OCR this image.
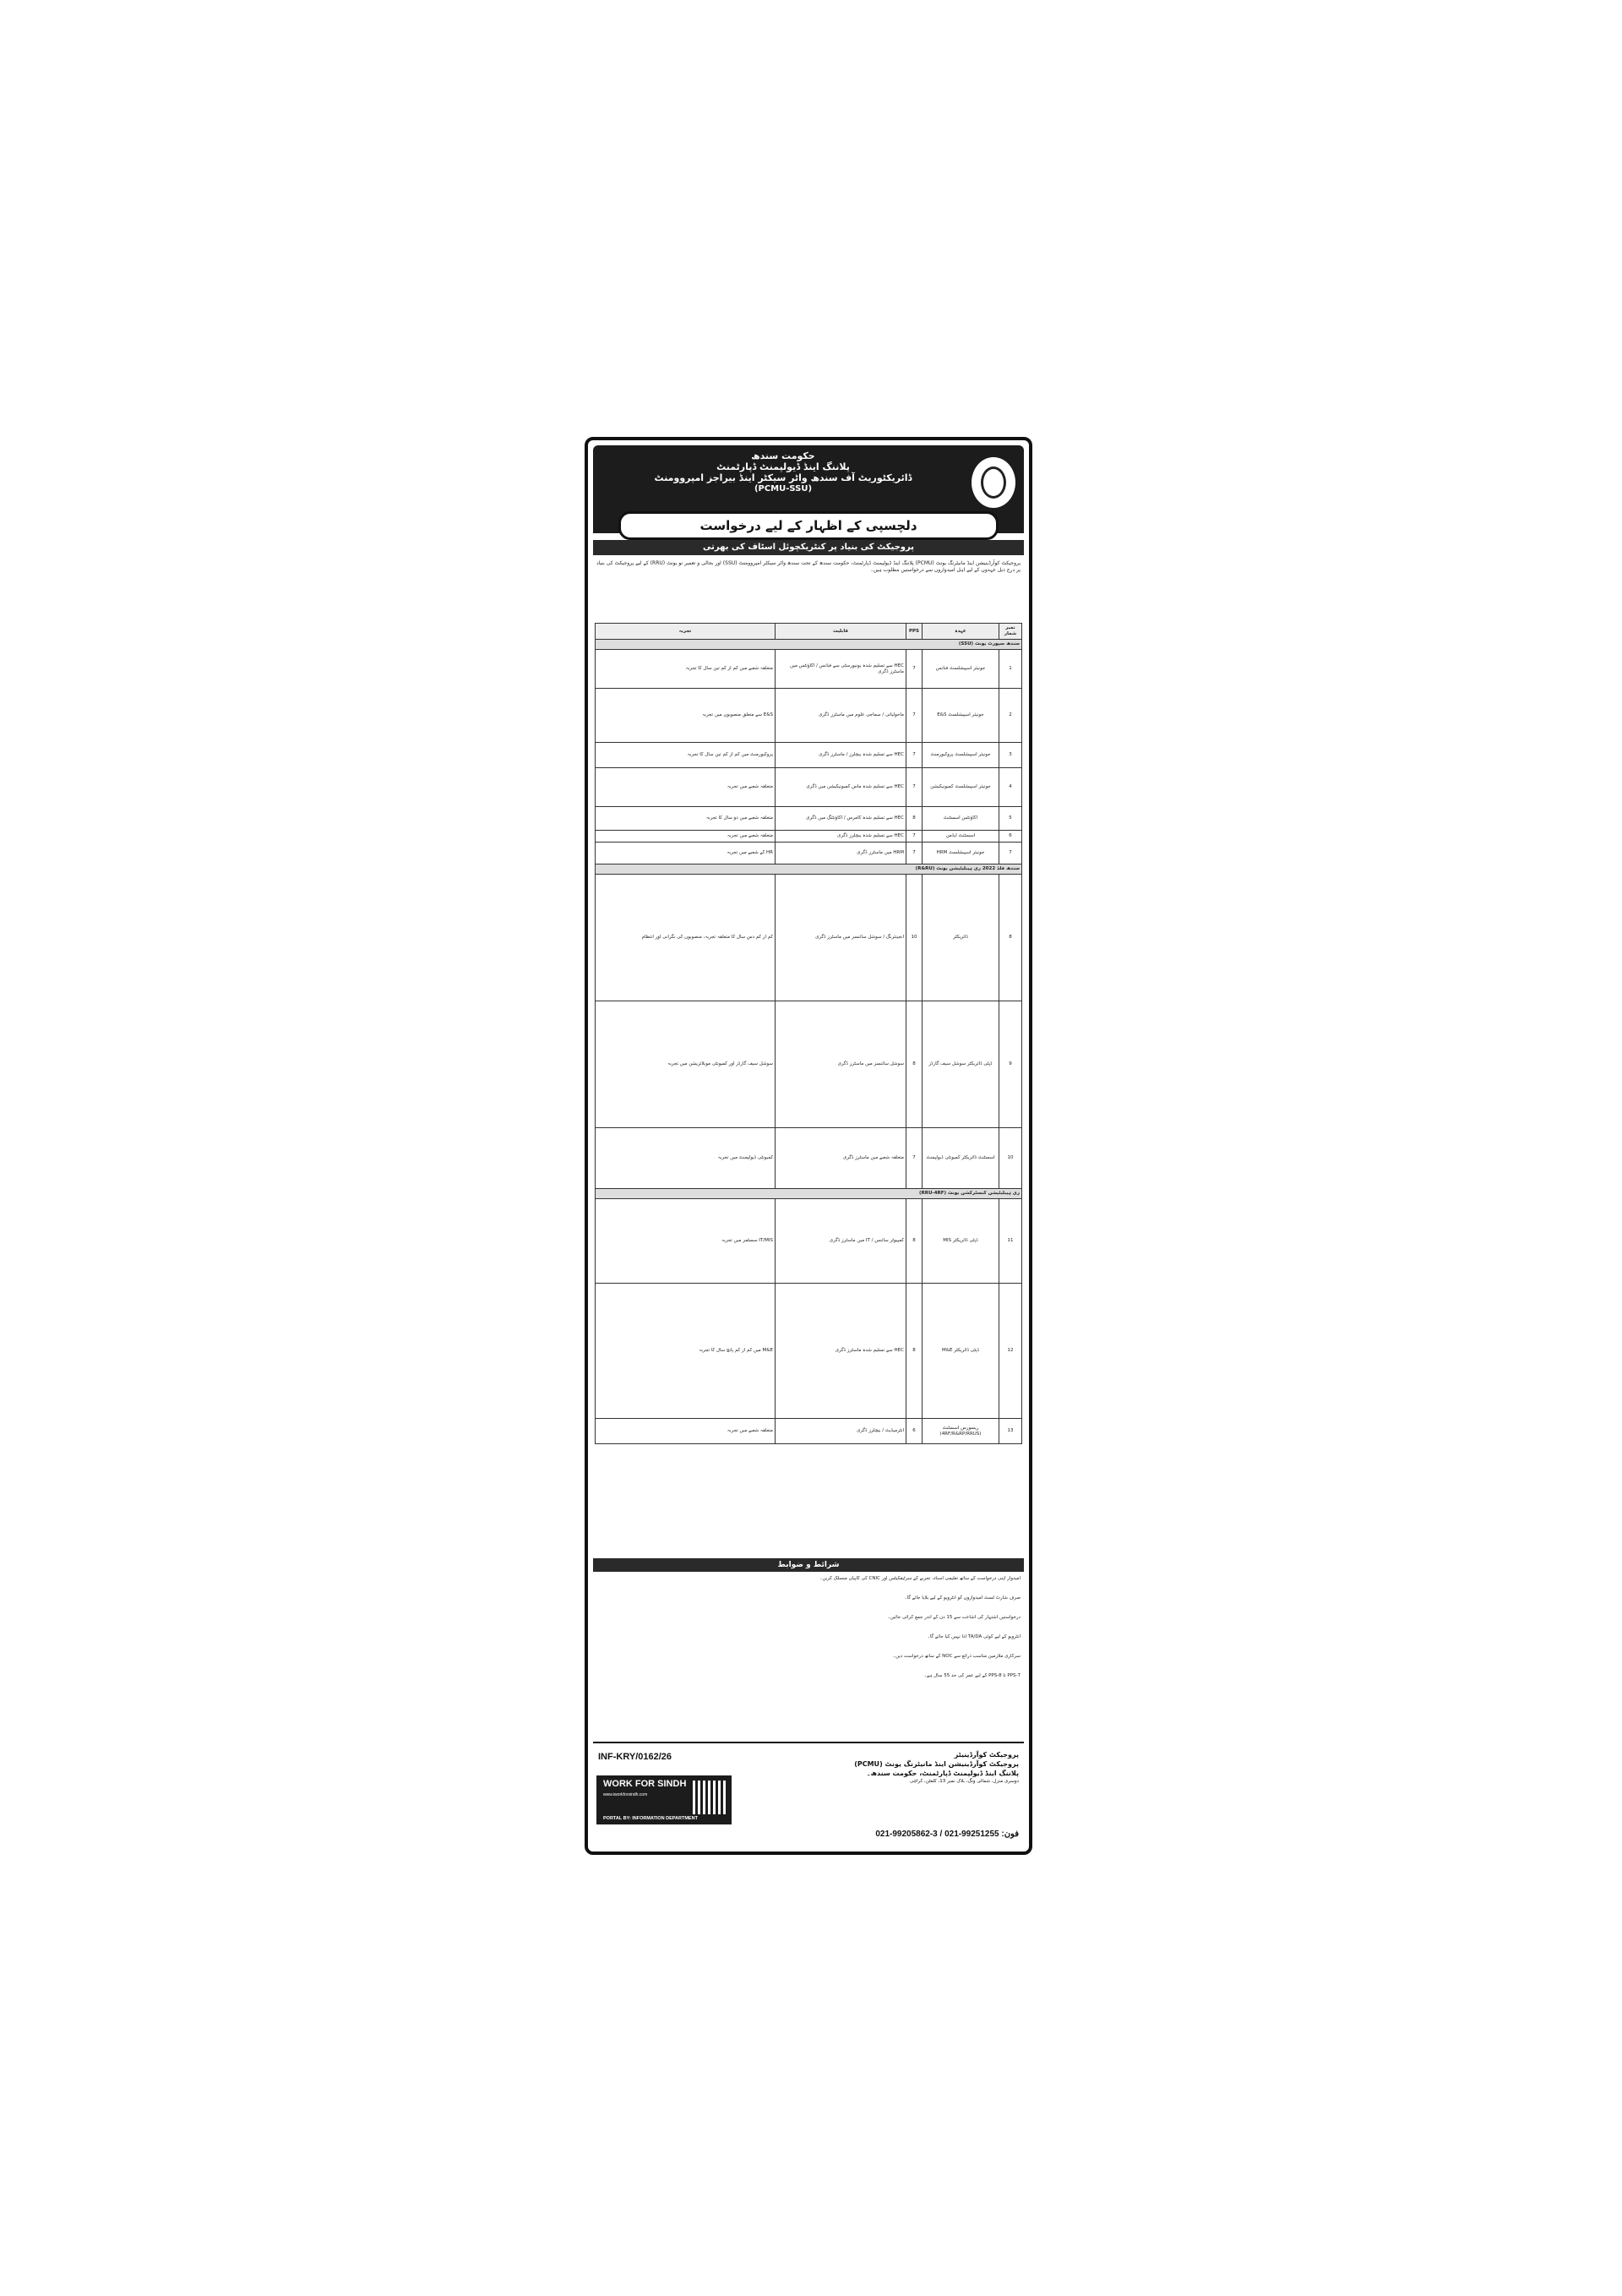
حکومت سندھ
پلاننگ اینڈ ڈیولپمنٹ ڈپارٹمنٹ
ڈائریکٹوریٹ آف سندھ واٹر سیکٹر اینڈ بیراجز امپروومنٹ
(PCMU-SSU)
دلچسپی کے اظہار کے لیے درخواست
پروجیکٹ کی بنیاد پر کنٹریکچوئل اسٹاف کی بھرتی
پروجیکٹ کوآرڈینیشن اینڈ مانیٹرنگ یونٹ (PCMU) پلاننگ اینڈ ڈیولپمنٹ ڈپارٹمنٹ، حکومت سندھ کے تحت سندھ واٹر سیکٹر امپروومنٹ (SSU) اور بحالی و تعمیر نو یونٹ (RRU) کے لیے پروجیکٹ کی بنیاد پر درج ذیل عہدوں کے لیے اہل امیدواروں سے درخواستیں مطلوب ہیں۔
نمبر شمار	عہدہ	PPS	قابلیت	تجربہ
سندھ سپورٹ یونٹ (SSU)				
1	جونیئر اسپیشلسٹ فنانس	7	HEC سے تسلیم شدہ یونیورسٹی سے فنانس / اکاؤنٹس میں ماسٹرز ڈگری	متعلقہ شعبے میں کم از کم تین سال کا تجربہ
2	جونیئر اسپیشلسٹ E&S	7	ماحولیاتی / سماجی علوم میں ماسٹرز ڈگری	E&S سے متعلق منصوبوں میں تجربہ
3	جونیئر اسپیشلسٹ پروکیورمنٹ	7	HEC سے تسلیم شدہ بیچلرز / ماسٹرز ڈگری	پروکیورمنٹ میں کم از کم تین سال کا تجربہ
4	جونیئر اسپیشلسٹ کمیونیکیشن	7	HEC سے تسلیم شدہ ماس کمیونیکیشن میں ڈگری	متعلقہ شعبے میں تجربہ
5	اکاؤنٹس اسسٹنٹ	8	HEC سے تسلیم شدہ کامرس / اکاؤنٹنگ میں ڈگری	متعلقہ شعبے میں دو سال کا تجربہ
6	اسسٹنٹ ایڈمن	7	HEC سے تسلیم شدہ بیچلرز ڈگری	متعلقہ شعبے میں تجربہ
7	جونیئر اسپیشلسٹ HRM	7	HRM میں ماسٹرز ڈگری	HR کے شعبے میں تجربہ
سندھ فلڈ 2022 ری ہیبلیٹیشن یونٹ (R&RU)				
8	ڈائریکٹر	10	انجینئرنگ / سوشل سائنسز میں ماسٹرز ڈگری	کم از کم دس سال کا متعلقہ تجربہ، منصوبوں کی نگرانی اور انتظام
9	ڈپٹی ڈائریکٹر سوشل سیف گارڈز	8	سوشل سائنسز میں ماسٹرز ڈگری	سوشل سیف گارڈز اور کمیونٹی موبلائزیشن میں تجربہ
10	اسسٹنٹ ڈائریکٹر کمیونٹی ڈیولپمنٹ	7	متعلقہ شعبے میں ماسٹرز ڈگری	کمیونٹی ڈیولپمنٹ میں تجربہ
ری ہیبلیٹیشن کنسٹرکشن یونٹ (RRU-4RF)				
11	ڈپٹی ڈائریکٹر MIS	8	کمپیوٹر سائنس / IT میں ماسٹرز ڈگری	IT/MIS سسٹمز میں تجربہ
12	ڈپٹی ڈائریکٹر M&E	8	HEC سے تسلیم شدہ ماسٹرز ڈگری	M&E میں کم از کم پانچ سال کا تجربہ
13	ریسورس اسسٹنٹ (4RF/R&RP/RRUS)	6	انٹرمیڈیٹ / بیچلرز ڈگری	متعلقہ شعبے میں تجربہ
شرائط و ضوابط
امیدوار اپنی درخواست کے ساتھ تعلیمی اسناد، تجربے کے سرٹیفکیٹس اور CNIC کی کاپیاں منسلک کریں۔
صرف شارٹ لسٹ امیدواروں کو انٹرویو کے لیے بلایا جائے گا۔
درخواستیں اشتہار کی اشاعت سے 15 دن کے اندر جمع کرائی جائیں۔
انٹرویو کے لیے کوئی TA/DA ادا نہیں کیا جائے گا۔
سرکاری ملازمین مناسب ذرائع سے NOC کے ساتھ درخواست دیں۔
PPS-7 تا PPS-8 کے لیے عمر کی حد 55 سال ہے۔
INF-KRY/0162/26
WORK FOR SINDH
www.iworkforsindh.com
PORTAL BY: INFORMATION DEPARTMENT
پروجیکٹ کوآرڈینیٹر
پروجیکٹ کوآرڈینیشن اینڈ مانیٹرنگ یونٹ (PCMU)
پلاننگ اینڈ ڈیولپمنٹ ڈپارٹمنٹ، حکومت سندھ۔
دوسری منزل، شمالی ونگ، بلاک نمبر 13، کلفٹن، کراچی
021-99205862-3 / 021-99251255 :فون
